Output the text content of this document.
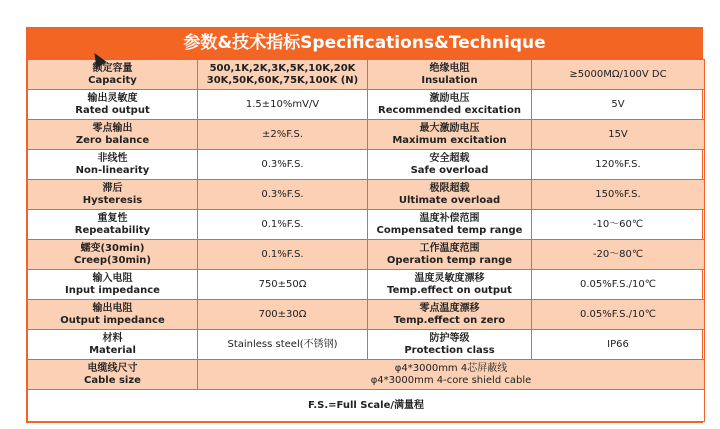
参数&技术指标Specifications&Technique
额定容量
Capacity	500,1K,2K,3K,5K,10K,20K 30K,50K,60K,75K,100K (N)	绝缘电阻
Insulation	≥5000MΩ/100V DC

输出灵敏度
Rated output	1.5±10%mV/V	激励电压
Recommended excitation	5V

零点输出
Zero balance	±2%F.S.	最大激励电压
Maximum excitation	15V

非线性
Non-linearity	0.3%F.S.	安全超载
Safe overload	120%F.S.

滞后
Hysteresis	0.3%F.S.	极限超载
Ultimate overload	150%F.S.

重复性
Repeatability	0.1%F.S.	温度补偿范围
Compensated temp range	-10～60℃

蠕变(30min)
Creep(30min)	0.1%F.S.	工作温度范围
Operation temp range	-20～80℃

输入电阻
Input impedance	750±50Ω	温度灵敏度漂移
Temp.effect on output	0.05%F.S./10℃

输出电阻
Output impedance	700±30Ω	零点温度漂移
Temp.effect on zero	0.05%F.S./10℃

材料
Material	Stainless steel(不锈钢)	防护等级
Protection class	IP66

电缆线尺寸
Cable size	φ4*3000mm 4芯屏蔽线
φ4*3000mm 4-core shield cable		

F.S.=Full Scale/满量程			
